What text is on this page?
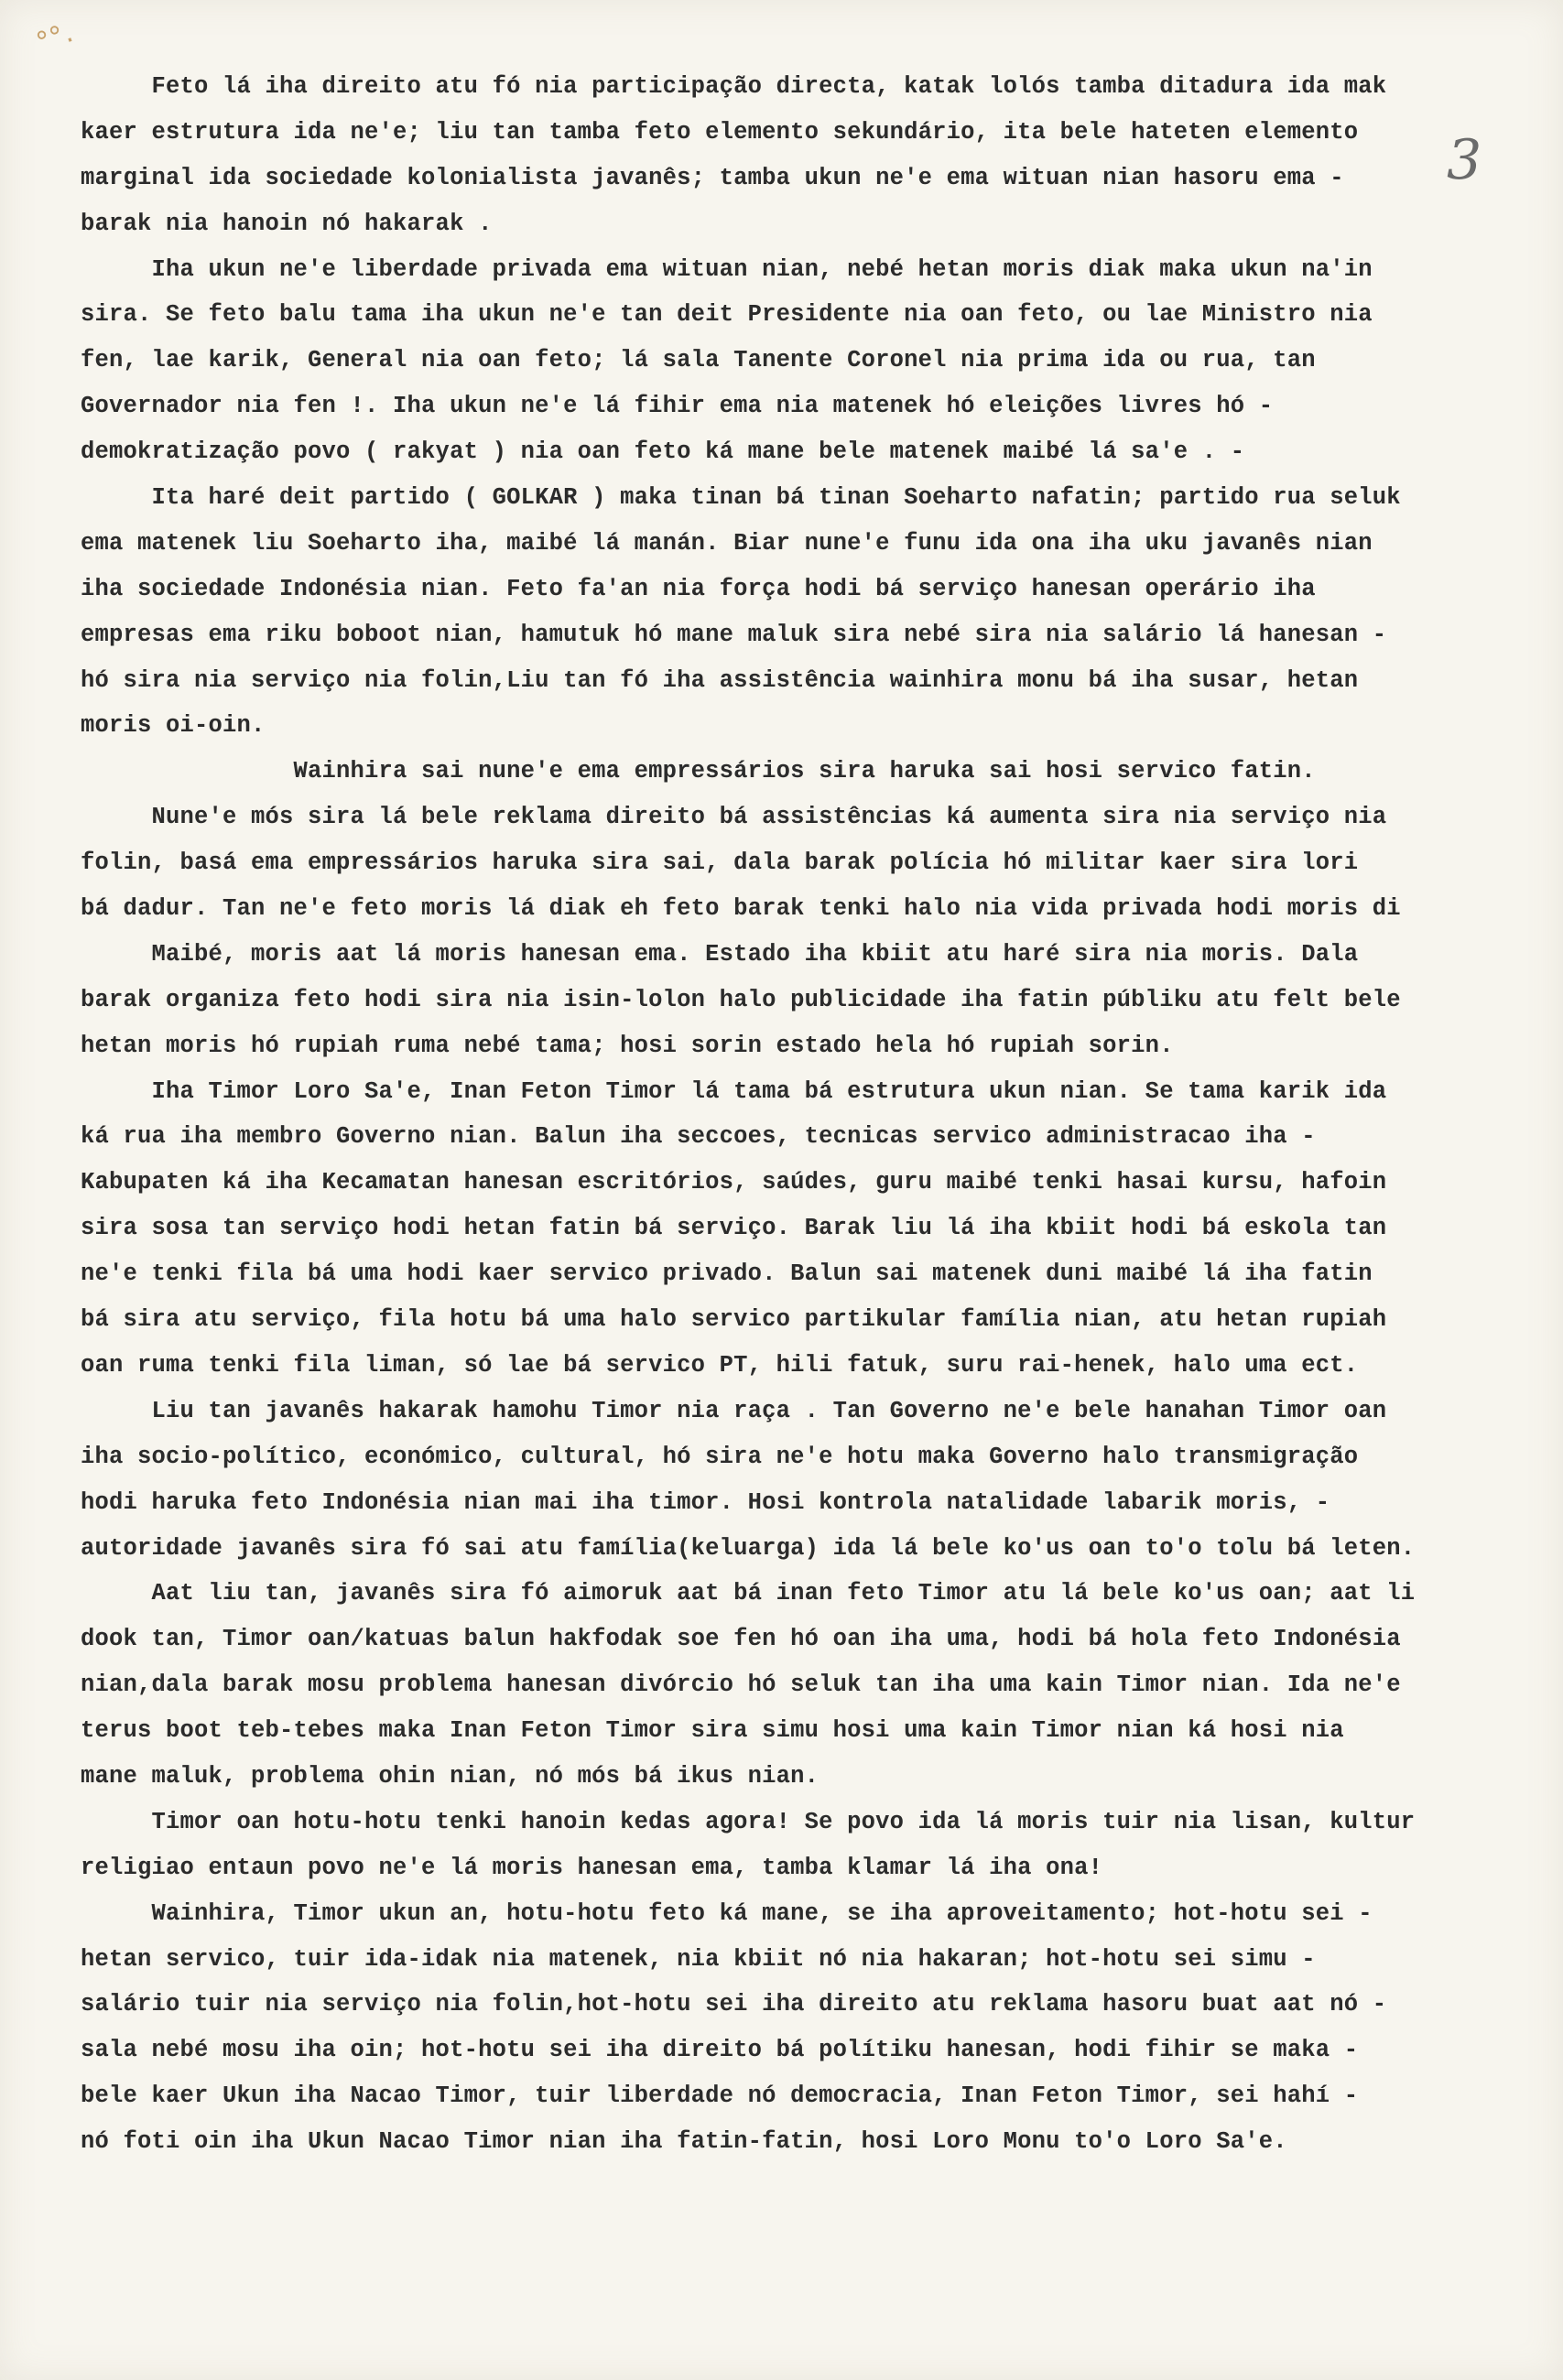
°°.
3
Feto lá iha direito atu fó nia participação directa, katak lolós tamba ditadura ida mak
kaer estrutura ida ne'e; liu tan tamba feto elemento sekundário, ita bele hateten elemento
marginal ida sociedade kolonialista javanês; tamba ukun ne'e ema wituan nian hasoru ema -
barak nia hanoin nó hakarak .
Iha ukun ne'e liberdade privada ema wituan nian, nebé hetan moris diak maka ukun na'in
sira. Se feto balu tama iha ukun ne'e tan deit Presidente nia oan feto, ou lae Ministro nia
fen, lae karik, General nia oan feto; lá sala Tanente Coronel nia prima ida ou rua, tan
Governador nia fen !. Iha ukun ne'e lá fihir ema nia matenek hó eleições livres hó -
demokratização povo ( rakyat ) nia oan feto ká mane bele matenek maibé lá sa'e . -
Ita haré deit partido ( GOLKAR ) maka tinan bá tinan Soeharto nafatin; partido rua seluk
ema matenek liu Soeharto iha, maibé lá manán. Biar nune'e funu ida ona iha uku javanês nian
iha sociedade Indonésia nian. Feto fa'an nia força hodi bá serviço hanesan operário iha
empresas ema riku boboot nian, hamutuk hó mane maluk sira nebé sira nia salário lá hanesan -
hó sira nia serviço nia folin,Liu tan fó iha assistência wainhira monu bá iha susar, hetan
moris oi-oin.
Wainhira sai nune'e ema empressários sira haruka sai hosi servico fatin.
Nune'e mós sira lá bele reklama direito bá assistências ká aumenta sira nia serviço nia
folin, basá ema empressários haruka sira sai, dala barak polícia hó militar kaer sira lori
bá dadur. Tan ne'e feto moris lá diak eh feto barak tenki halo nia vida privada hodi moris di
Maibé, moris aat lá moris hanesan ema. Estado iha kbiit atu haré sira nia moris. Dala
barak organiza feto hodi sira nia isin-lolon halo publicidade iha fatin públiku atu felt bele
hetan moris hó rupiah ruma nebé tama; hosi sorin estado hela hó rupiah sorin.
Iha Timor Loro Sa'e, Inan Feton Timor lá tama bá estrutura ukun nian. Se tama karik ida
ká rua iha membro Governo nian. Balun iha seccoes, tecnicas servico administracao iha -
Kabupaten ká iha Kecamatan hanesan escritórios, saúdes, guru maibé tenki hasai kursu, hafoin
sira sosa tan serviço hodi hetan fatin bá serviço. Barak liu lá iha kbiit hodi bá eskola tan
ne'e tenki fila bá uma hodi kaer servico privado. Balun sai matenek duni maibé lá iha fatin
bá sira atu serviço, fila hotu bá uma halo servico partikular família nian, atu hetan rupiah
oan ruma tenki fila liman, só lae bá servico PT, hili fatuk, suru rai-henek, halo uma ect.
Liu tan javanês hakarak hamohu Timor nia raça . Tan Governo ne'e bele hanahan Timor oan
iha socio-político, económico, cultural, hó sira ne'e hotu maka Governo halo transmigração
hodi haruka feto Indonésia nian mai iha timor. Hosi kontrola natalidade labarik moris, -
autoridade javanês sira fó sai atu família(keluarga) ida lá bele ko'us oan to'o tolu bá leten.
Aat liu tan, javanês sira fó aimoruk aat bá inan feto Timor atu lá bele ko'us oan; aat li
dook tan, Timor oan/katuas balun hakfodak soe fen hó oan iha uma, hodi bá hola feto Indonésia
nian,dala barak mosu problema hanesan divórcio hó seluk tan iha uma kain Timor nian. Ida ne'e
terus boot teb-tebes maka Inan Feton Timor sira simu hosi uma kain Timor nian ká hosi nia
mane maluk, problema ohin nian, nó mós bá ikus nian.
Timor oan hotu-hotu tenki hanoin kedas agora! Se povo ida lá moris tuir nia lisan, kultur
religiao entaun povo ne'e lá moris hanesan ema, tamba klamar lá iha ona!
Wainhira, Timor ukun an, hotu-hotu feto ká mane, se iha aproveitamento; hot-hotu sei -
hetan servico, tuir ida-idak nia matenek, nia kbiit nó nia hakaran; hot-hotu sei simu -
salário tuir nia serviço nia folin,hot-hotu sei iha direito atu reklama hasoru buat aat nó -
sala nebé mosu iha oin; hot-hotu sei iha direito bá polítiku hanesan, hodi fihir se maka -
bele kaer Ukun iha Nacao Timor, tuir liberdade nó democracia, Inan Feton Timor, sei hahí -
nó foti oin iha Ukun Nacao Timor nian iha fatin-fatin, hosi Loro Monu to'o Loro Sa'e.
